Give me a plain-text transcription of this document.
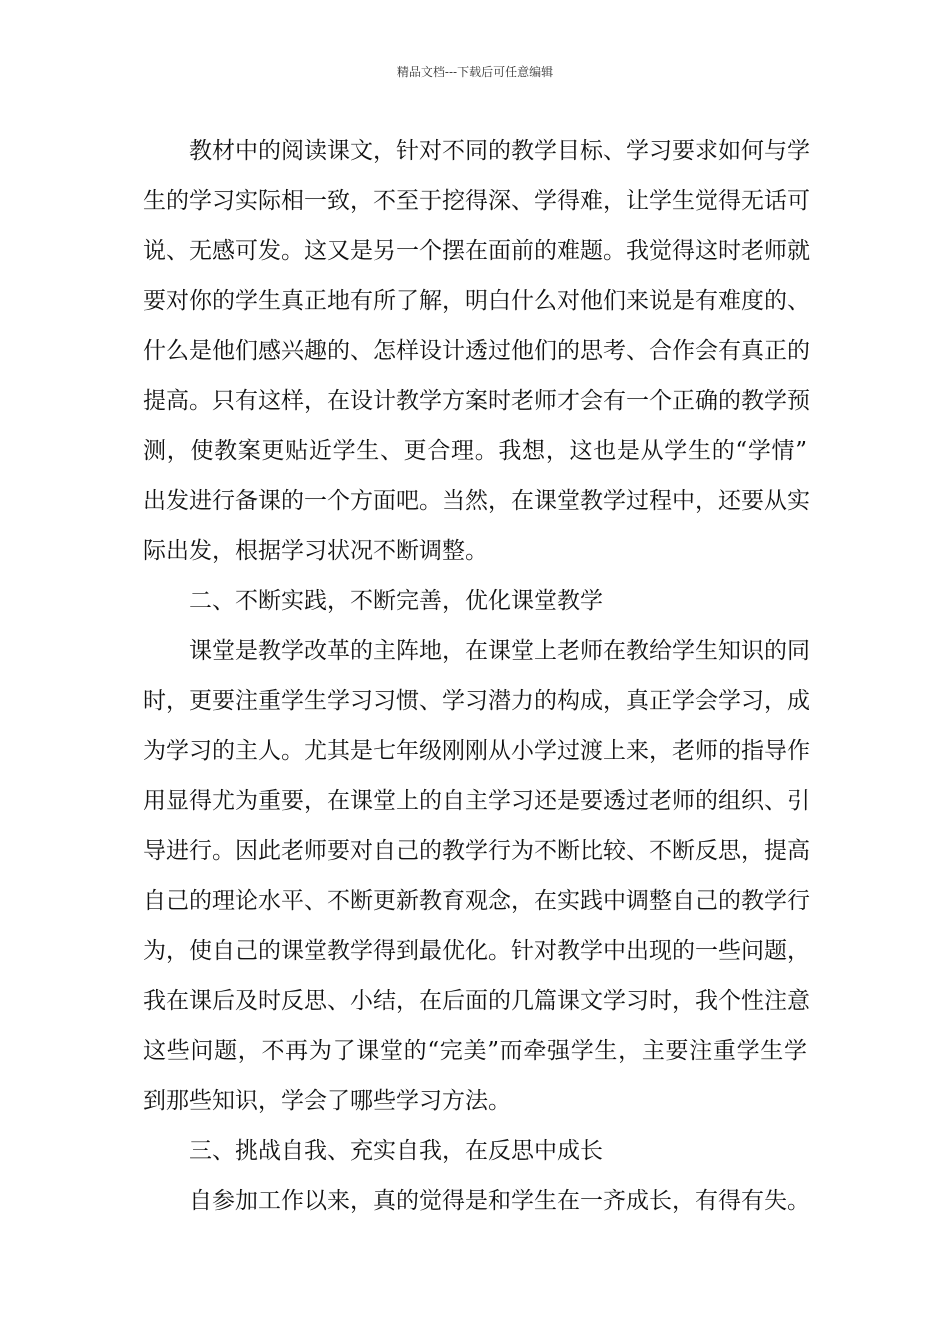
精品文档---下载后可任意编辑
教材中的阅读课文，针对不同的教学目标、学习要求如何与学
生的学习实际相一致，不至于挖得深、学得难，让学生觉得无话可
说、无感可发。这又是另一个摆在面前的难题。我觉得这时老师就
要对你的学生真正地有所了解，明白什么对他们来说是有难度的、
什么是他们感兴趣的、怎样设计透过他们的思考、合作会有真正的
提高。只有这样，在设计教学方案时老师才会有一个正确的教学预
测，使教案更贴近学生、更合理。我想，这也是从学生的“学情”
出发进行备课的一个方面吧。当然，在课堂教学过程中，还要从实
际出发，根据学习状况不断调整。
二、不断实践，不断完善，优化课堂教学
课堂是教学改革的主阵地，在课堂上老师在教给学生知识的同
时，更要注重学生学习习惯、学习潜力的构成，真正学会学习，成
为学习的主人。尤其是七年级刚刚从小学过渡上来，老师的指导作
用显得尤为重要，在课堂上的自主学习还是要透过老师的组织、引
导进行。因此老师要对自己的教学行为不断比较、不断反思，提高
自己的理论水平、不断更新教育观念，在实践中调整自己的教学行
为，使自己的课堂教学得到最优化。针对教学中出现的一些问题，
我在课后及时反思、小结，在后面的几篇课文学习时，我个性注意
这些问题，不再为了课堂的“完美”而牵强学生，主要注重学生学
到那些知识，学会了哪些学习方法。
三、挑战自我、充实自我，在反思中成长
自参加工作以来，真的觉得是和学生在一齐成长，有得有失。
